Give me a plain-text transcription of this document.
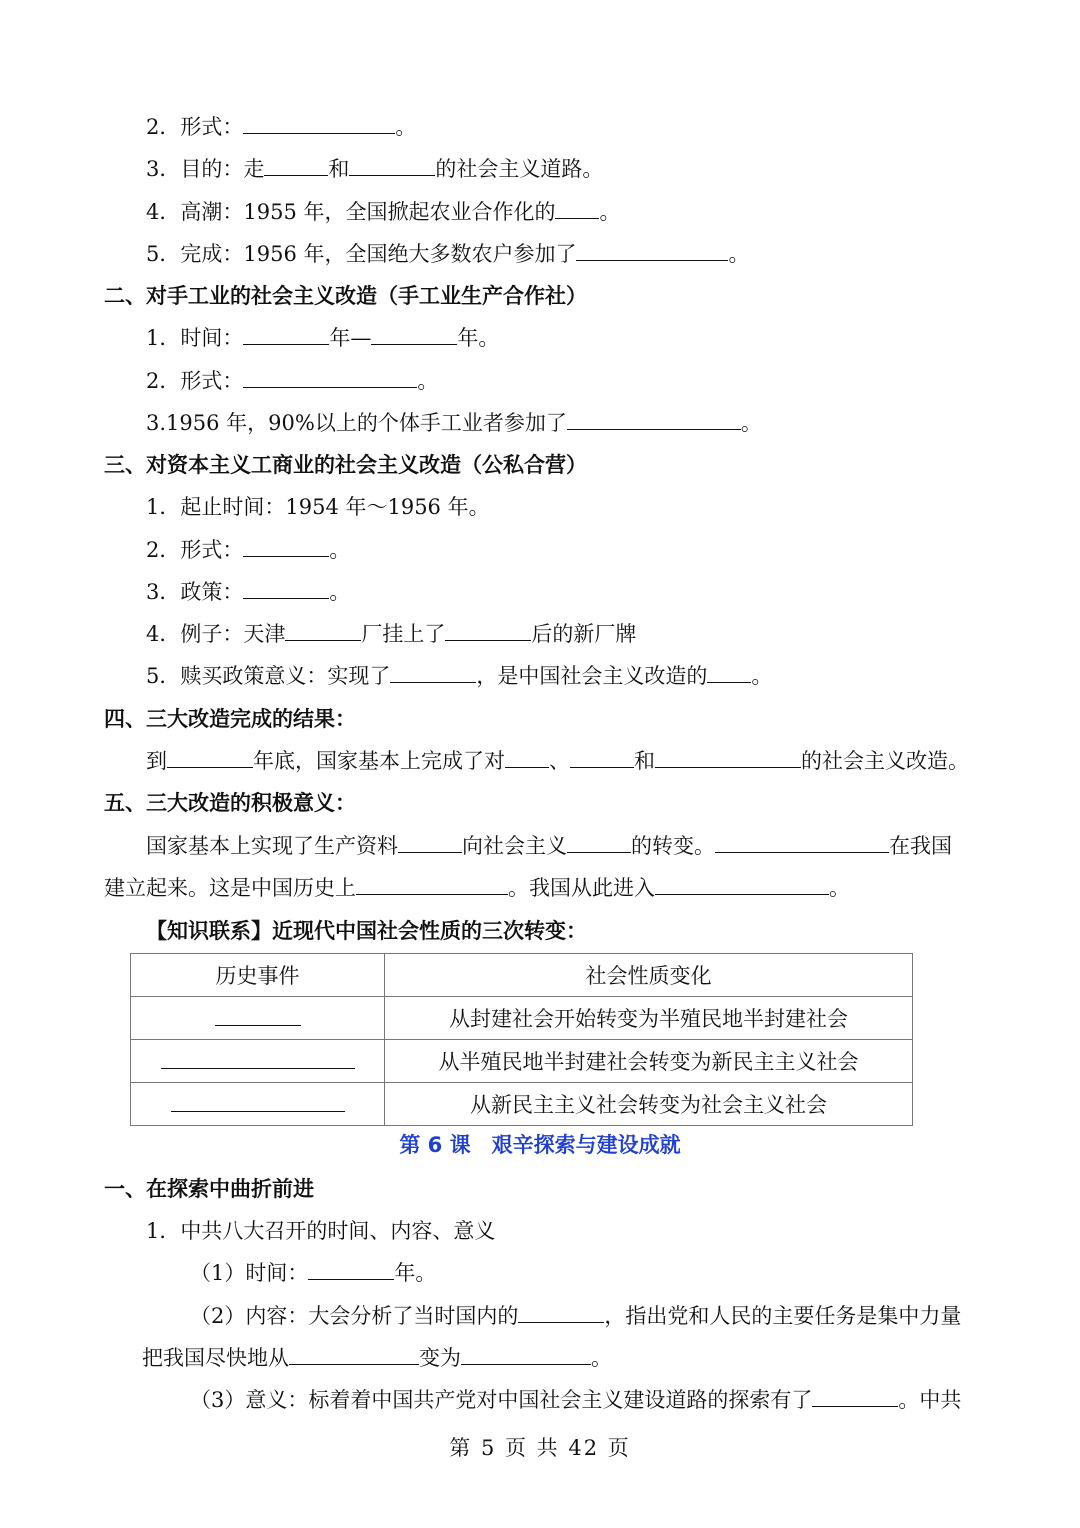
2．形式：	。
3．目的：走	和	的社会主义道路。
4．高潮：1955 年，全国掀起农业合作化的 。
5．完成：1956 年，全国绝大多数农户参加了	。
二、对手工业的社会主义改造（手工业生产合作社）
1．时间：	年—	年。
2．形式：	。
3.1956 年，90%以上的个体手工业者参加了	。
三、对资本主义工商业的社会主义改造（公私合营）
1．起止时间：1954 年～1956 年。
2．形式：	。
3．政策：	。
4．例子：天津	厂挂上了	后的新厂牌
5．赎买政策意义：实现了	，是中国社会主义改造的 。
四、三大改造完成的结果：
到	年底，国家基本上完成了对 、	和	的社会主义改造。
五、三大改造的积极意义：
国家基本上实现了生产资料	向社会主义	的转变。	在我国
建立起来。这是中国历史上	。我国从此进入	。
【知识联系】近现代中国社会性质的三次转变：
历史事件	社会性质变化
	从封建社会开始转变为半殖民地半封建社会
	从半殖民地半封建社会转变为新民主主义社会
	从新民主主义社会转变为社会主义社会
第 6 课　艰辛探索与建设成就
一、在探索中曲折前进
1．中共八大召开的时间、内容、意义
（1）时间：	年。
（2）内容：大会分析了当时国内的	，指出党和人民的主要任务是集中力量
把我国尽快地从	变为	。
（3）意义：标着着中国共产党对中国社会主义建设道路的探索有了	。中共
第 5 页 共 42 页
